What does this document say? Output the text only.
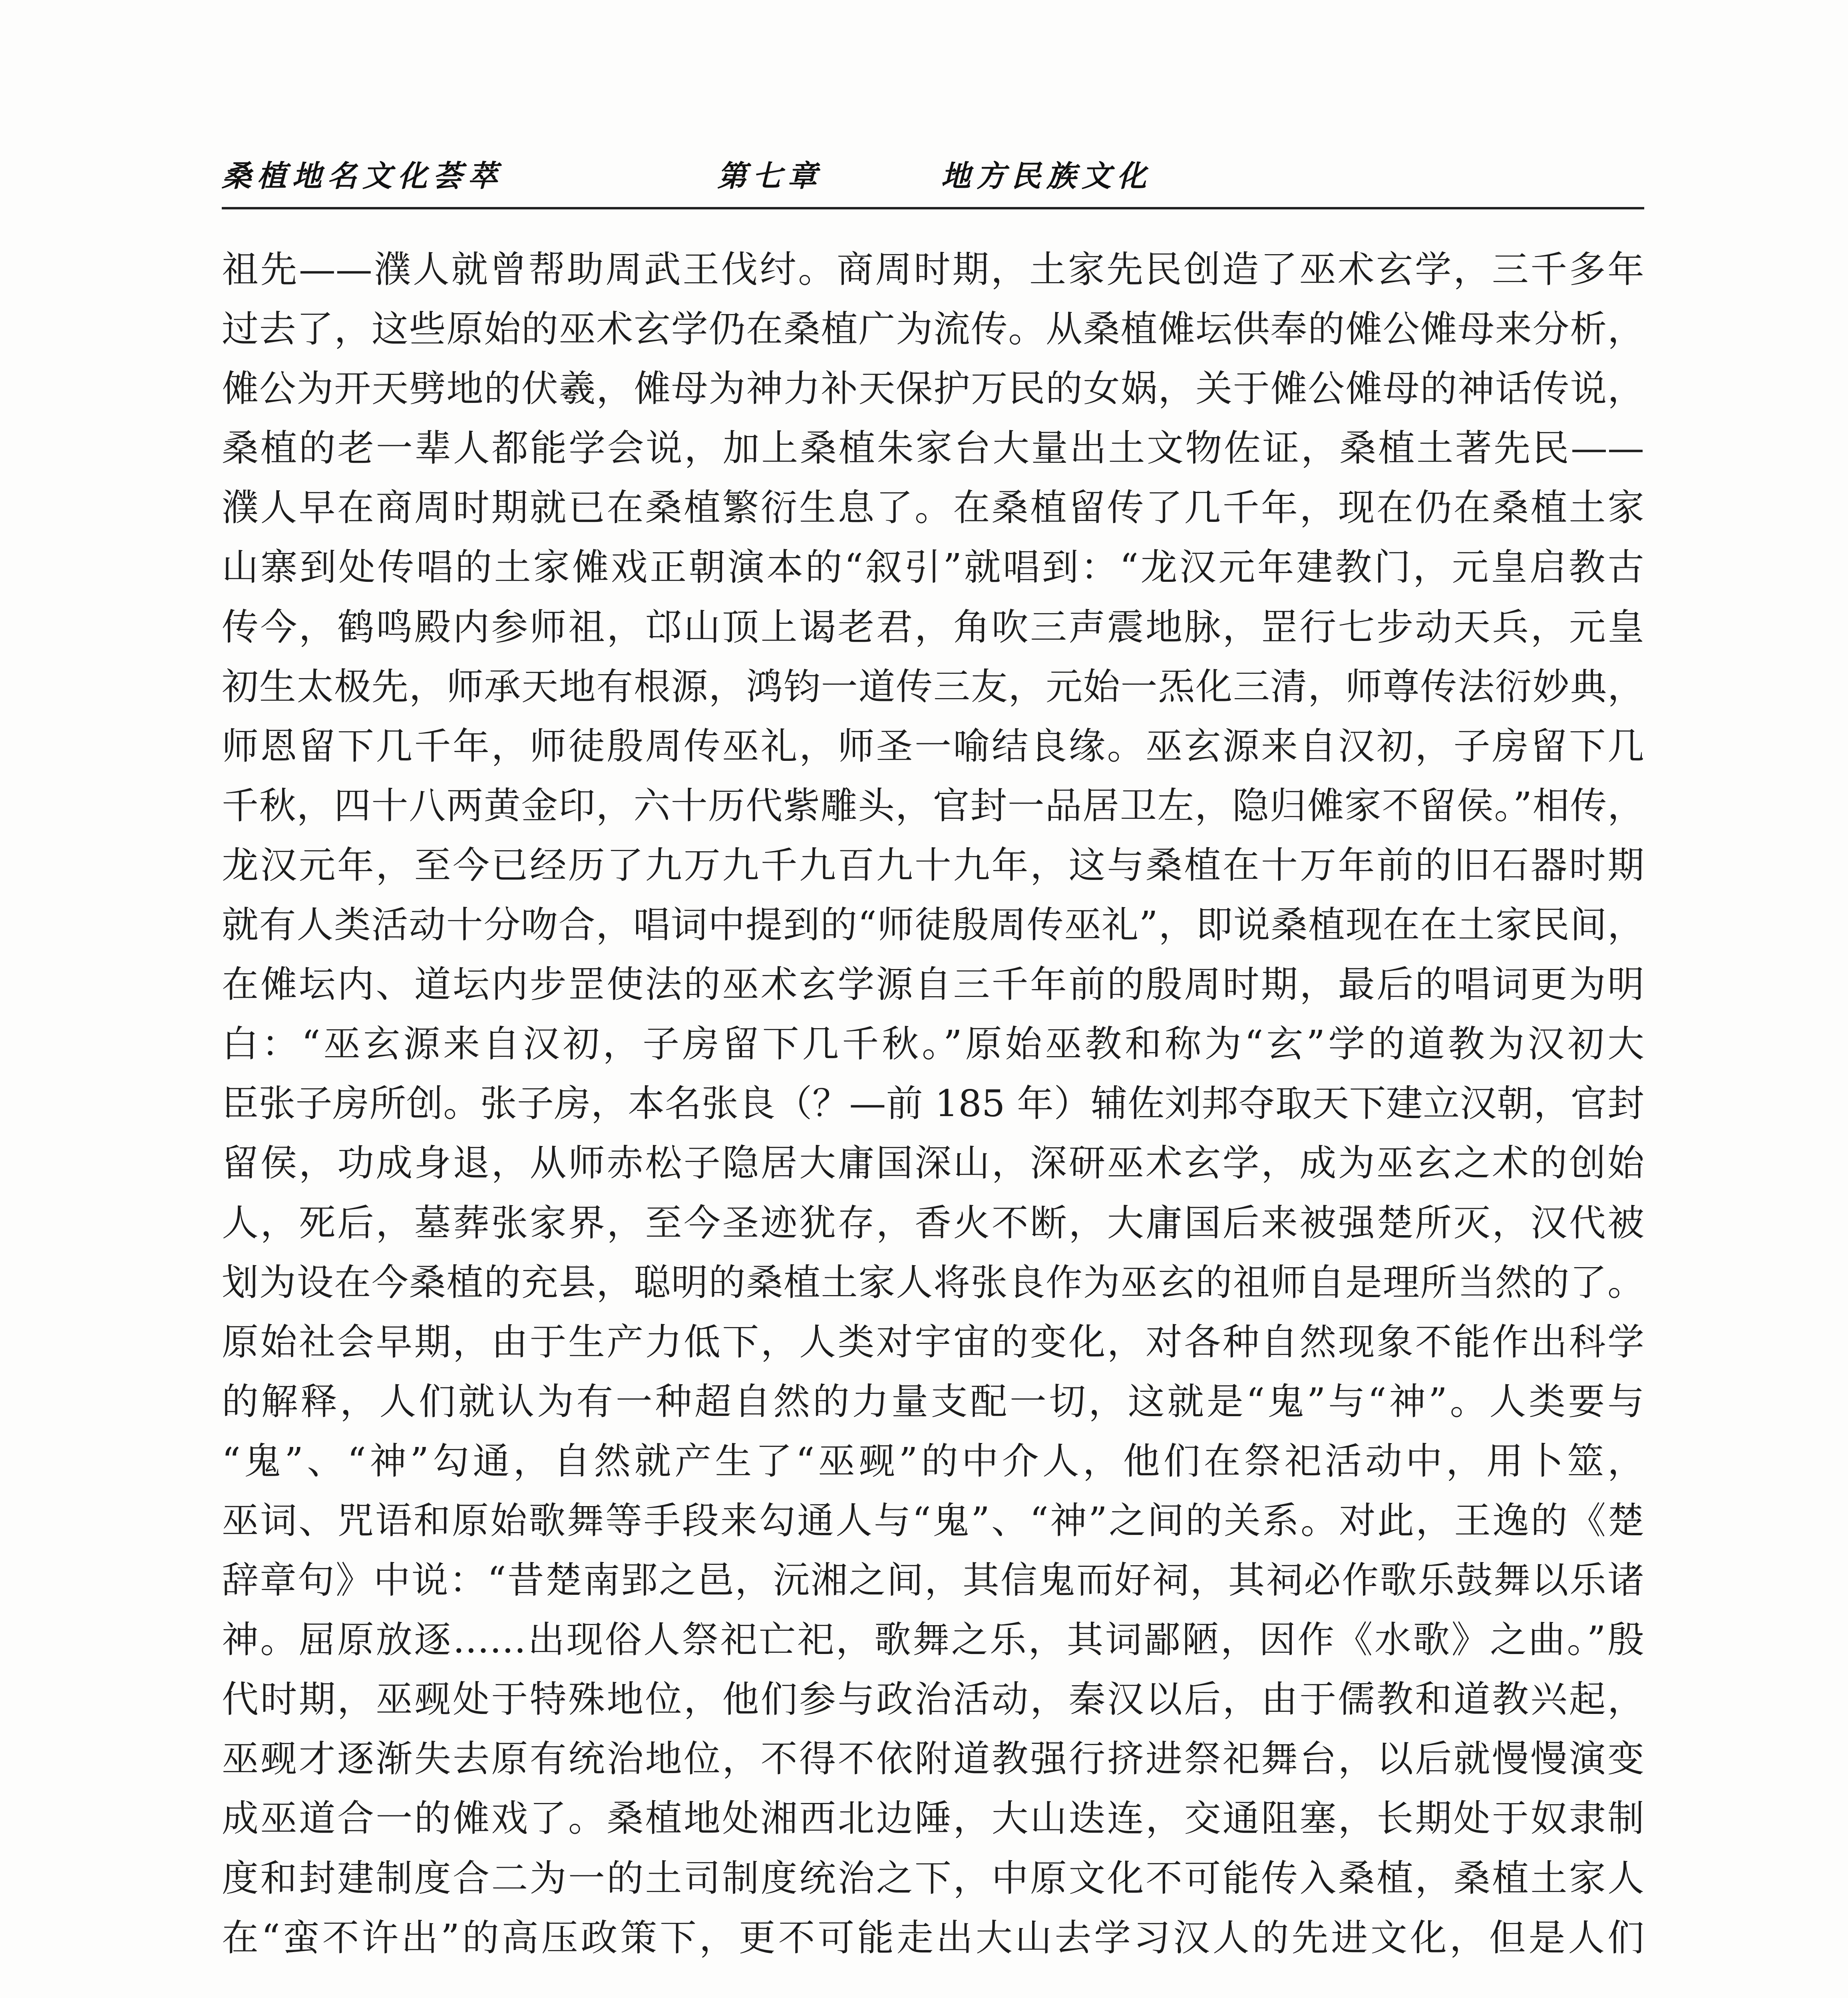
桑植地名文化荟萃	第七章	地方民族文化
祖先——濮人就曾帮助周武王伐纣。商周时期，土家先民创造了巫术玄学，三千多年
过去了，这些原始的巫术玄学仍在桑植广为流传。从桑植傩坛供奉的傩公傩母来分析，
傩公为开天劈地的伏羲，傩母为神力补天保护万民的女娲，关于傩公傩母的神话传说，
桑植的老一辈人都能学会说，加上桑植朱家台大量出土文物佐证，桑植土著先民——
濮人早在商周时期就已在桑植繁衍生息了。在桑植留传了几千年，现在仍在桑植土家
山寨到处传唱的土家傩戏正朝演本的“叙引”就唱到：“龙汉元年建教门，元皇启教古
传今，鹤鸣殿内参师祖，邙山顶上谒老君，角吹三声震地脉，罡行七步动天兵，元皇
初生太极先，师承天地有根源，鸿钧一道传三友，元始一炁化三清，师尊传法衍妙典，
师恩留下几千年，师徒殷周传巫礼，师圣一喻结良缘。巫玄源来自汉初，子房留下几
千秋，四十八两黄金印，六十历代紫雕头，官封一品居卫左，隐归傩家不留侯。”相传，
龙汉元年，至今已经历了九万九千九百九十九年，这与桑植在十万年前的旧石器时期
就有人类活动十分吻合，唱词中提到的“师徒殷周传巫礼”，即说桑植现在在土家民间，
在傩坛内、道坛内步罡使法的巫术玄学源自三千年前的殷周时期，最后的唱词更为明
白：“巫玄源来自汉初，子房留下几千秋。”原始巫教和称为“玄”学的道教为汉初大
臣张子房所创。张子房，本名张良（？—前 185 年）辅佐刘邦夺取天下建立汉朝，官封
留侯，功成身退，从师赤松子隐居大庸国深山，深研巫术玄学，成为巫玄之术的创始
人，死后，墓葬张家界，至今圣迹犹存，香火不断，大庸国后来被强楚所灭，汉代被
划为设在今桑植的充县，聪明的桑植土家人将张良作为巫玄的祖师自是理所当然的了。
原始社会早期，由于生产力低下，人类对宇宙的变化，对各种自然现象不能作出科学
的解释，人们就认为有一种超自然的力量支配一切，这就是“鬼”与“神”。人类要与
“鬼”、“神”勾通，自然就产生了“巫觋”的中介人，他们在祭祀活动中，用卜筮，
巫词、咒语和原始歌舞等手段来勾通人与“鬼”、“神”之间的关系。对此，王逸的《楚
辞章句》中说：“昔楚南郢之邑，沅湘之间，其信鬼而好祠，其祠必作歌乐鼓舞以乐诸
神。屈原放逐……出现俗人祭祀亡祀，歌舞之乐，其词鄙陋，因作《水歌》之曲。”殷
代时期，巫觋处于特殊地位，他们参与政治活动，秦汉以后，由于儒教和道教兴起，
巫觋才逐渐失去原有统治地位，不得不依附道教强行挤进祭祀舞台，以后就慢慢演变
成巫道合一的傩戏了。桑植地处湘西北边陲，大山迭连，交通阻塞，长期处于奴隶制
度和封建制度合二为一的土司制度统治之下，中原文化不可能传入桑植，桑植土家人
在“蛮不许出”的高压政策下，更不可能走出大山去学习汉人的先进文化，但是人们
